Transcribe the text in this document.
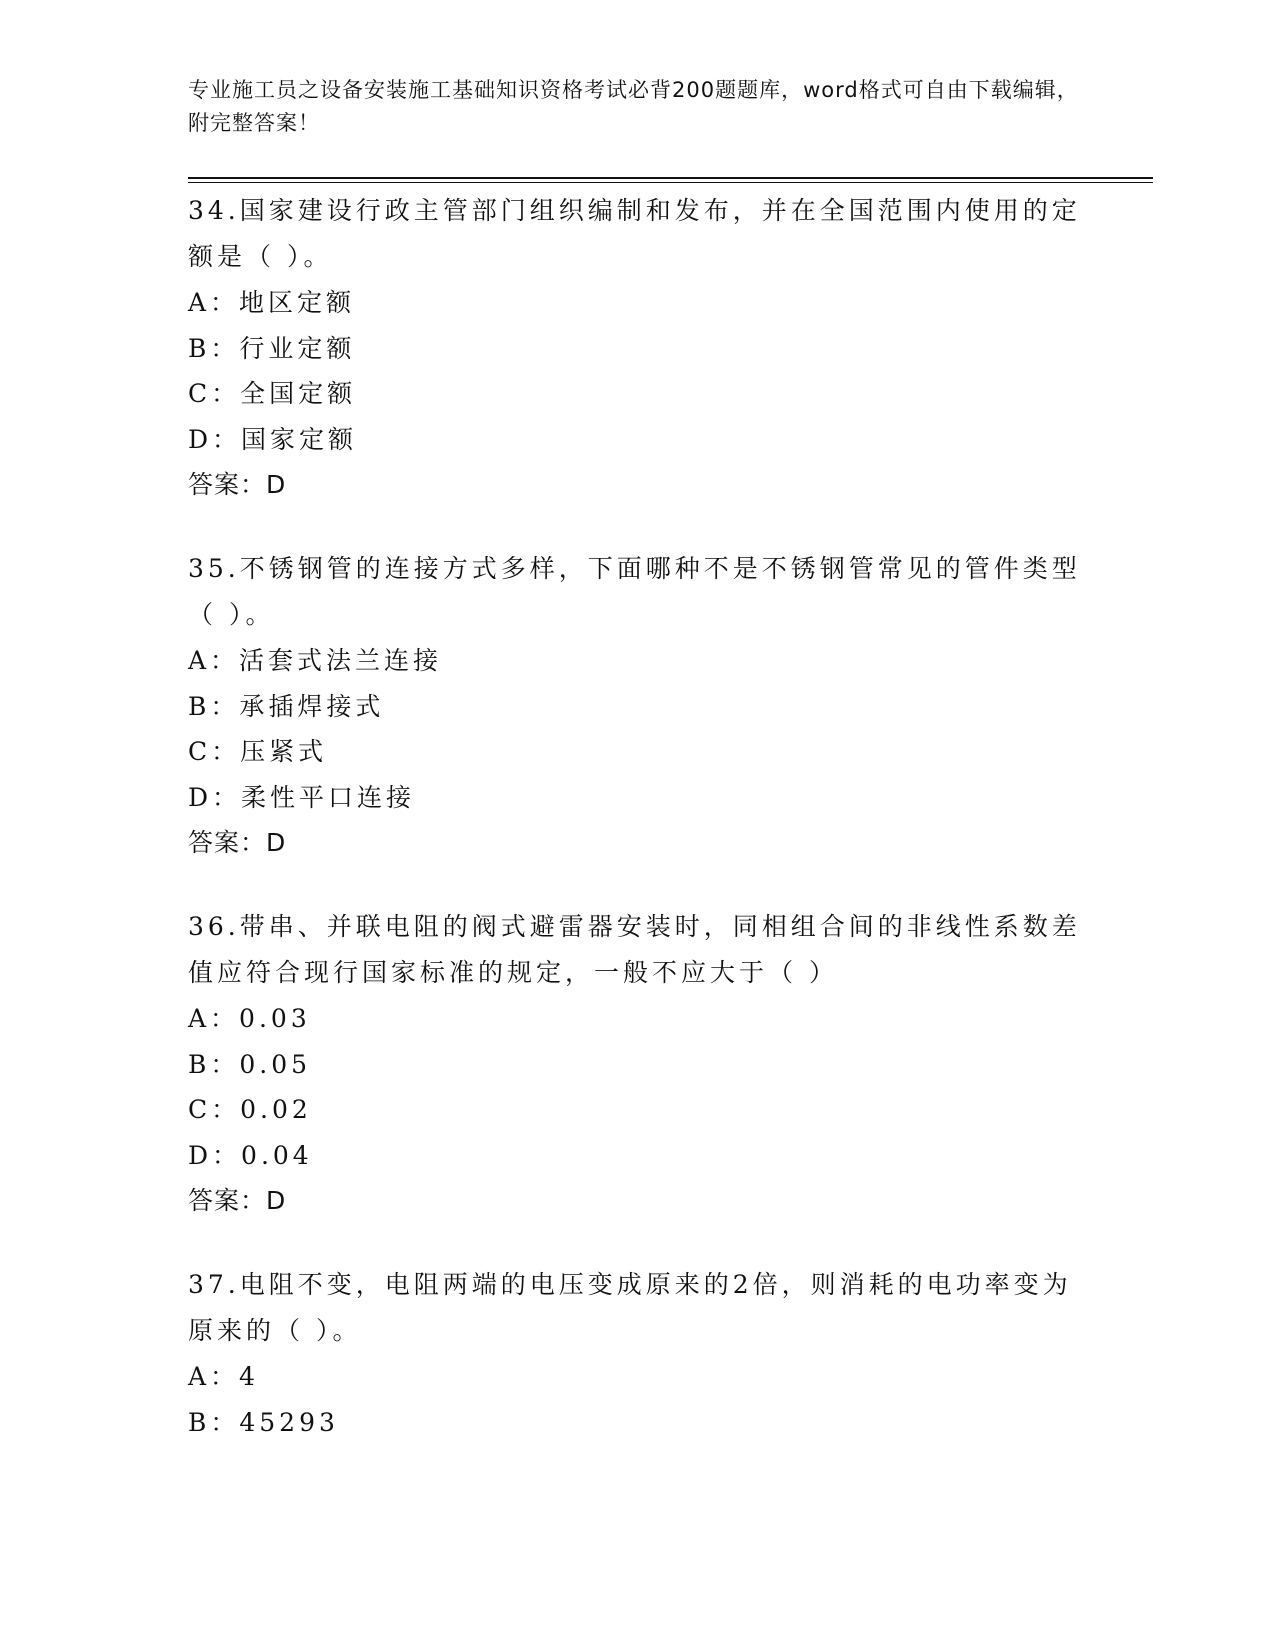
专业施工员之设备安装施工基础知识资格考试必背200题题库，word格式可自由下载编辑，附完整答案！
34.国家建设行政主管部门组织编制和发布，并在全国范围内使用的定额是（ ）。
A：地区定额
B：行业定额
C：全国定额
D：国家定额
答案：D
35.不锈钢管的连接方式多样，下面哪种不是不锈钢管常见的管件类型（ ）。
A：活套式法兰连接
B：承插焊接式
C：压紧式
D：柔性平口连接
答案：D
36.带串、并联电阻的阀式避雷器安装时，同相组合间的非线性系数差值应符合现行国家标准的规定，一般不应大于（ ）
A：0.03
B：0.05
C：0.02
D：0.04
答案：D
37.电阻不变，电阻两端的电压变成原来的2倍，则消耗的电功率变为原来的（ ）。
A：4
B：45293
